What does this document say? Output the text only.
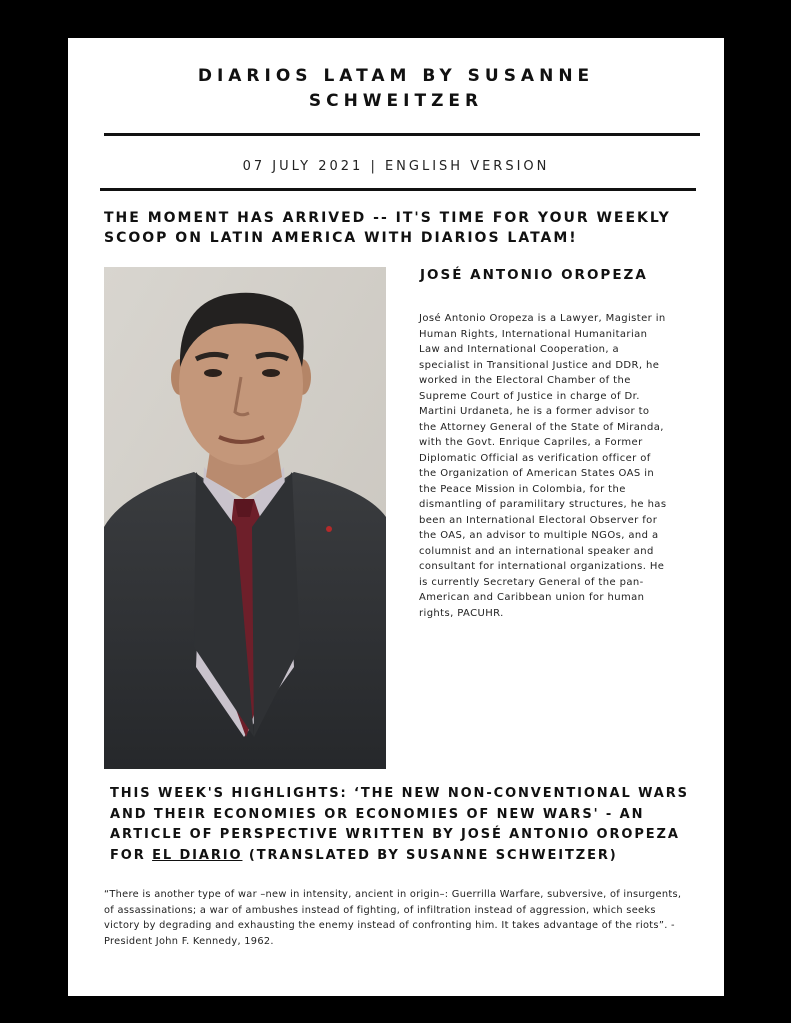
DIARIOS LATAM BY SUSANNE
SCHWEITZER
07 JULY 2021 | ENGLISH VERSION
THE MOMENT HAS ARRIVED -- IT'S TIME FOR YOUR WEEKLY SCOOP ON LATIN AMERICA WITH DIARIOS LATAM!
JOSÉ ANTONIO OROPEZA
José Antonio Oropeza is a Lawyer, Magister in Human Rights, International Humanitarian Law and International Cooperation, a specialist in Transitional Justice and DDR, he worked in the Electoral Chamber of the Supreme Court of Justice in charge of Dr. Martini Urdaneta, he is a former advisor to the Attorney General of the State of Miranda, with the Govt. Enrique Capriles, a Former Diplomatic Official as verification officer of the Organization of American States OAS in the Peace Mission in Colombia, for the dismantling of paramilitary structures, he has been an International Electoral Observer for the OAS, an advisor to multiple NGOs, and a columnist and an international speaker and consultant for international organizations. He is currently Secretary General of the pan-American and Caribbean union for human rights, PACUHR.
THIS WEEK'S HIGHLIGHTS: ‘THE NEW NON-CONVENTIONAL WARS AND THEIR ECONOMIES OR ECONOMIES OF NEW WARS' - AN ARTICLE OF PERSPECTIVE WRITTEN BY JOSÉ ANTONIO OROPEZA FOR EL DIARIO (TRANSLATED BY SUSANNE SCHWEITZER)
“There is another type of war –new in intensity, ancient in origin–: Guerrilla Warfare, subversive, of insurgents, of assassinations; a war of ambushes instead of fighting, of infiltration instead of aggression, which seeks victory by degrading and exhausting the enemy instead of confronting him. It takes advantage of the riots”. - President John F. Kennedy, 1962.
